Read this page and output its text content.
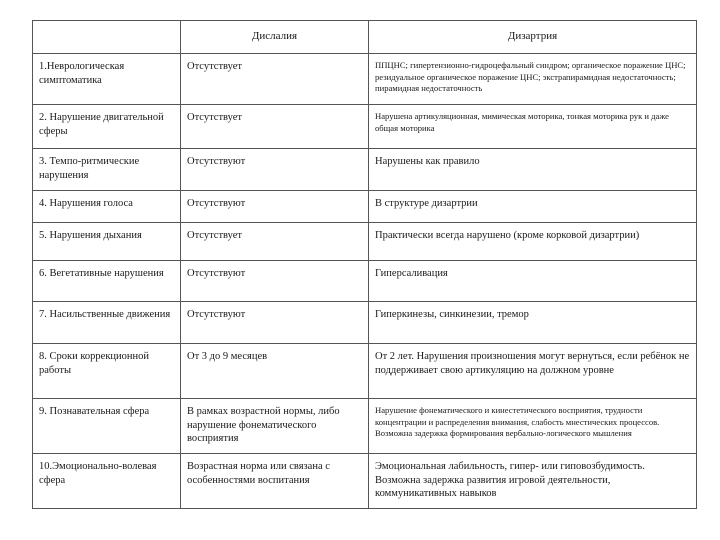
	Дислалия	Дизартрия
1.Неврологическая симптоматика	Отсутствует	ППЦНС; гипертензионно-гидроцефальный синдром; органическое поражение ЦНС; резидуальное органическое поражение ЦНС; экстрапирамидная недостаточность; пирамидная недостаточность
2. Нарушение двигательной сферы	Отсутствует	Нарушена артикуляционная, мимическая моторика, тонкая моторика рук и даже общая моторика
3. Темпо-ритмические нарушения	Отсутствуют	Нарушены как правило
4. Нарушения голоса	Отсутствуют	В структуре дизартрии
5. Нарушения дыхания	Отсутствует	Практически всегда нарушено (кроме корковой дизартрии)
6. Вегетативные нарушения	Отсутствуют	Гиперсаливация
7. Насильственные движения	Отсутствуют	Гиперкинезы, синкинезии, тремор
8. Сроки коррекционной работы	От 3 до 9 месяцев	От 2 лет. Нарушения произношения могут вернуться, если ребёнок не поддерживает свою артикуляцию на должном уровне
9. Познавательная сфера	В рамках возрастной нормы, либо нарушение фонематического восприятия	Нарушение фонематического и кинестетического восприятия, трудности концентрации и распределения внимания, слабость мнестических процессов. Возможна задержка формирования вербально-логического мышления
10.Эмоционально-волевая сфера	Возрастная норма или связана с особенностями воспитания	Эмоциональная лабильность, гипер- или гиповозбудимость. Возможна задержка развития игровой деятельности, коммуникативных навыков
